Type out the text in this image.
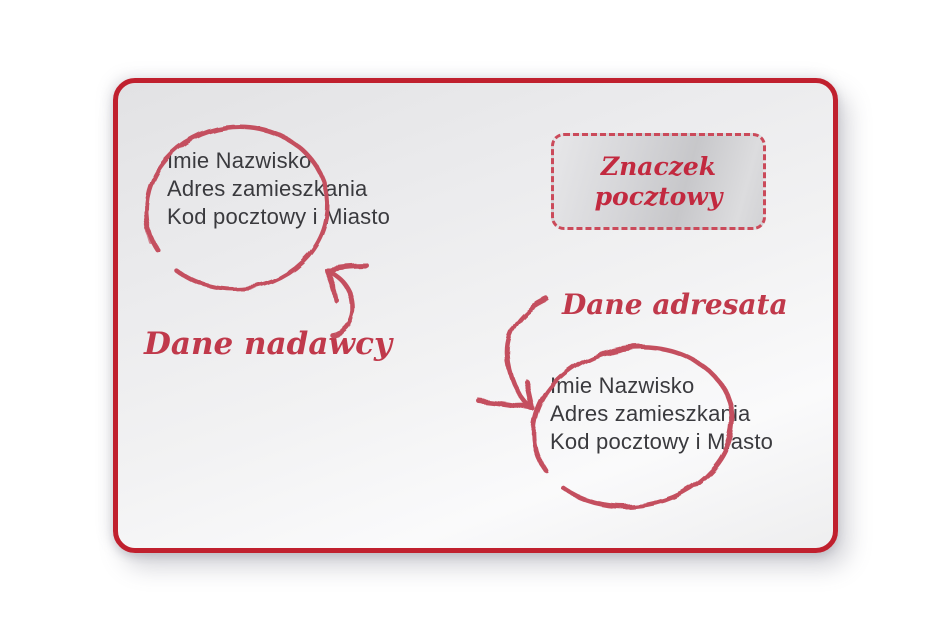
Imie Nazwisko
Adres zamieszkania
Kod pocztowy i Miasto
Znaczek
pocztowy
Dane nadawcy
Dane adresata
Imie Nazwisko
Adres zamieszkania
Kod pocztowy i Miasto
